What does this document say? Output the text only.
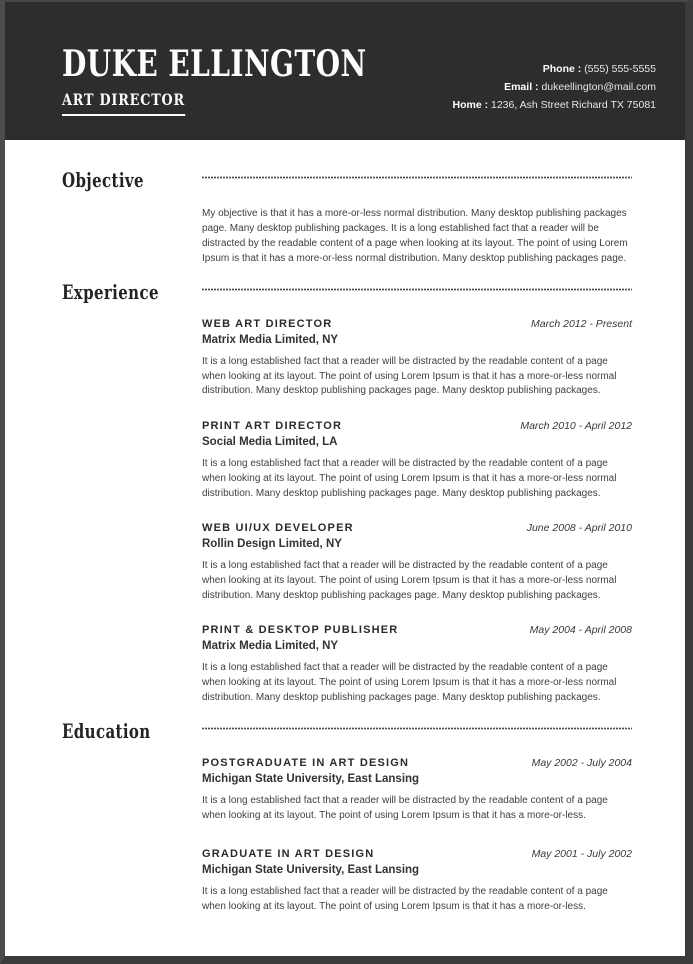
DUKE ELLINGTON
ART DIRECTOR
Phone : (555) 555-5555
Email : dukeellington@mail.com
Home : 1236, Ash Street Richard TX 75081
Objective

My objective is that it has a more-or-less normal distribution. Many desktop publishing packages page. Many desktop publishing packages. It is a long established fact that a reader will be distracted by the readable content of a page when looking at its layout. The point of using Lorem Ipsum is that it has a more-or-less normal distribution. Many desktop publishing packages page.

Experience
WEB ART DIRECTOR	March 2012 - Present
Matrix Media Limited, NY

It is a long established fact that a reader will be distracted by the readable content of a page when looking at its layout. The point of using Lorem Ipsum is that it has a more-or-less normal distribution. Many desktop publishing packages page. Many desktop publishing packages.

PRINT ART DIRECTOR	March 2010 - April 2012
Social Media Limited, LA

It is a long established fact that a reader will be distracted by the readable content of a page when looking at its layout. The point of using Lorem Ipsum is that it has a more-or-less normal distribution. Many desktop publishing packages page. Many desktop publishing packages.

WEB UI/UX DEVELOPER	June 2008 - April 2010
Rollin Design Limited, NY

It is a long established fact that a reader will be distracted by the readable content of a page when looking at its layout. The point of using Lorem Ipsum is that it has a more-or-less normal distribution. Many desktop publishing packages page. Many desktop publishing packages.

PRINT & DESKTOP PUBLISHER	May 2004 - April 2008
Matrix Media Limited, NY

It is a long established fact that a reader will be distracted by the readable content of a page when looking at its layout. The point of using Lorem Ipsum is that it has a more-or-less normal distribution. Many desktop publishing packages page. Many desktop publishing packages.

Education
POSTGRADUATE IN ART DESIGN	May 2002 - July 2004
Michigan State University, East Lansing

It is a long established fact that a reader will be distracted by the readable content of a page when looking at its layout. The point of using Lorem Ipsum is that it has a more-or-less.

GRADUATE IN ART DESIGN	May 2001 - July 2002
Michigan State University, East Lansing

It is a long established fact that a reader will be distracted by the readable content of a page when looking at its layout. The point of using Lorem Ipsum is that it has a more-or-less.
